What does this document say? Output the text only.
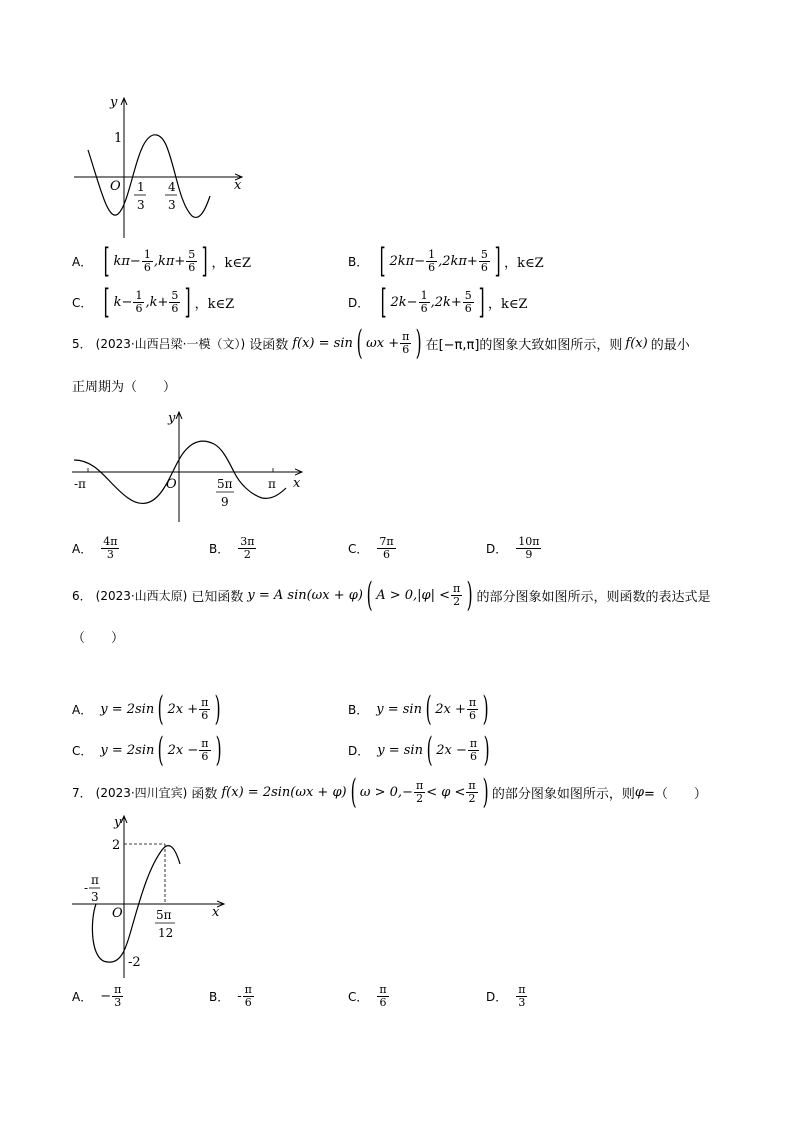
y
1
O	x
1
3
4
3
A． [ $k\pi- \frac{1}{6} ,k\pi+ \frac{5}{6}$ ] ，k∈Z	B． [ $2k\pi- \frac{1}{6} ,2k\pi+ \frac{5}{6}$ ] ，k∈Z
C． [ $k- \frac{1}{6} ,k+ \frac{5}{6}$ ] ，k∈Z	D． [ $2k- \frac{1}{6} ,2k+ \frac{5}{6}$ ] ，k∈Z
5． (2023·山西吕梁·一模（文）) 设函数 f(x) = sin ( $\omega x + \frac{\pi}{6}$ ) 在[−π,π]的图象大致如图所示，则 f(x) 的最小
正周期为（　　）
y
O	x
-π	π
5π
9
A． $\frac{4\pi}{3}$	B． $\frac{3\pi}{2}$	C． $\frac{7\pi}{6}$	D． $\frac{10\pi}{9}$
6． (2023·山西太原) 已知函数 y = A sin(ωx + φ) ( $A > 0,|\varphi| < \frac{\pi}{2}$ ) 的部分图象如图所示，则函数的表达式是
（　　）
A． y = 2sin ( $2x + \frac{\pi}{6}$ )	B． y = sin ( $2x + \frac{\pi}{6}$ )
C． y = 2sin ( $2x - \frac{\pi}{6}$ )	D． y = sin ( $2x - \frac{\pi}{6}$ )
7． (2023·四川宜宾) 函数 f(x) = 2sin(ωx + φ) ( $\omega > 0,- \frac{\pi}{2} < \varphi < \frac{\pi}{2}$ ) 的部分图象如图所示，则 φ =（　　）
y
2
-2
O	x
-
π
3
5π
12
A． − $\frac{\pi}{3}$	B． - $\frac{\pi}{6}$	C． $\frac{\pi}{6}$	D． $\frac{\pi}{3}$
